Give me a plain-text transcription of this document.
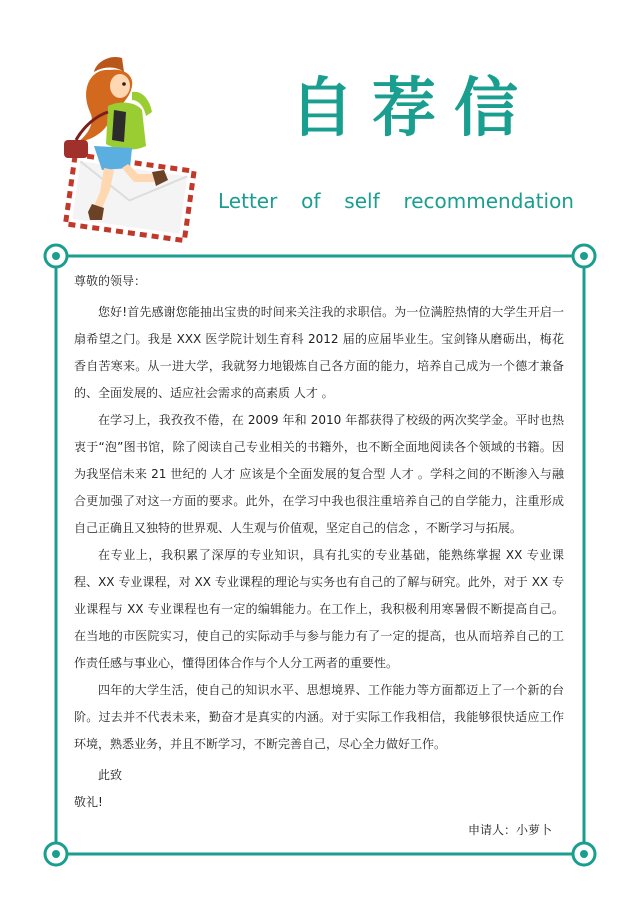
自荐信
Letter of self recommendation

尊敬的领导：

您好!首先感谢您能抽出宝贵的时间来关注我的求职信。为一位满腔热情的大学生开启一扇希望之门。我是 XXX 医学院计划生育科 2012 届的应届毕业生。宝剑锋从磨砺出，梅花香自苦寒来。从一进大学，我就努力地锻炼自己各方面的能力，培养自己成为一个德才兼备的、全面发展的、适应社会需求的高素质 人才 。

在学习上，我孜孜不倦，在 2009 年和 2010 年都获得了校级的两次奖学金。平时也热衷于“泡”图书馆，除了阅读自己专业相关的书籍外，也不断全面地阅读各个领域的书籍。因为我坚信未来 21 世纪的 人才 应该是个全面发展的复合型 人才 。学科之间的不断渗入与融合更加强了对这一方面的要求。此外，在学习中我也很注重培养自己的自学能力，注重形成自己正确且又独特的世界观、人生观与价值观，坚定自己的信念 ，不断学习与拓展。

在专业上，我积累了深厚的专业知识，具有扎实的专业基础，能熟练掌握 XX 专业课程、XX 专业课程，对 XX 专业课程的理论与实务也有自己的了解与研究。此外，对于 XX 专业课程与 XX 专业课程也有一定的编辑能力。在工作上，我积极利用寒暑假不断提高自己。在当地的市医院实习，使自己的实际动手与参与能力有了一定的提高，也从而培养自己的工作责任感与事业心，懂得团体合作与个人分工两者的重要性。

四年的大学生活，使自己的知识水平、思想境界、工作能力等方面都迈上了一个新的台阶。过去并不代表未来，勤奋才是真实的内涵。对于实际工作我相信，我能够很快适应工作环境，熟悉业务，并且不断学习，不断完善自己，尽心全力做好工作。

此致

敬礼!

申请人：小萝卜
